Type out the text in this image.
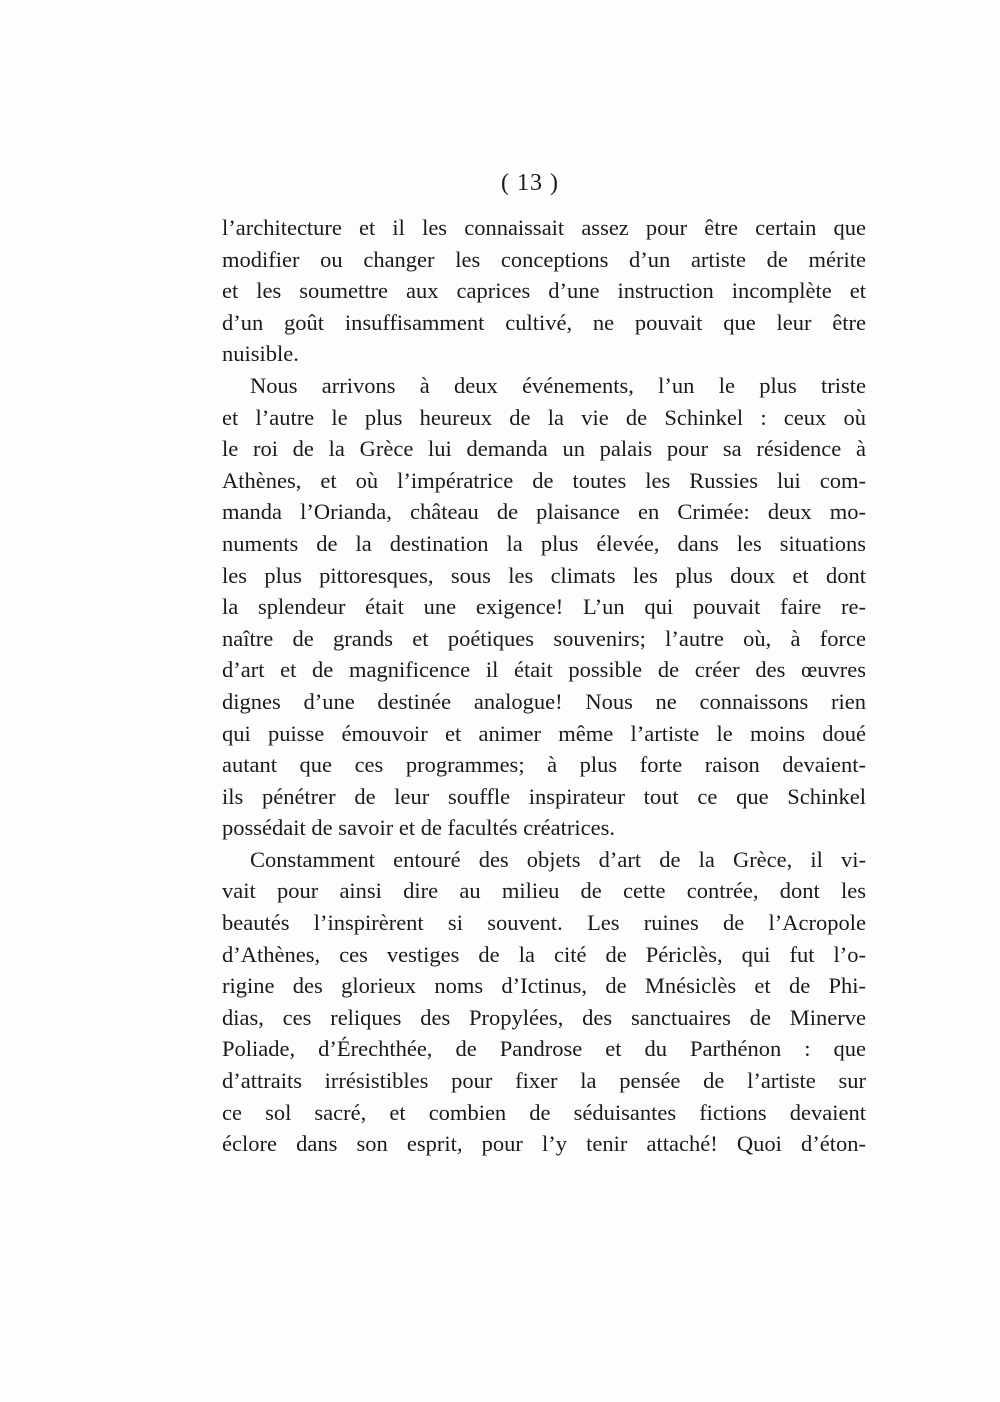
( 13 )
l’architecture et il les connaissait assez pour être certain que
modifier ou changer les conceptions d’un artiste de mérite
et les soumettre aux caprices d’une instruction incomplète et
d’un goût insuffisamment cultivé, ne pouvait que leur être
nuisible.
Nous arrivons à deux événements, l’un le plus triste
et l’autre le plus heureux de la vie de Schinkel : ceux où
le roi de la Grèce lui demanda un palais pour sa résidence à
Athènes, et où l’impératrice de toutes les Russies lui com-
manda l’Orianda, château de plaisance en Crimée: deux mo-
numents de la destination la plus élevée, dans les situations
les plus pittoresques, sous les climats les plus doux et dont
la splendeur était une exigence! L’un qui pouvait faire re-
naître de grands et poétiques souvenirs; l’autre où, à force
d’art et de magnificence il était possible de créer des œuvres
dignes d’une destinée analogue! Nous ne connaissons rien
qui puisse émouvoir et animer même l’artiste le moins doué
autant que ces programmes; à plus forte raison devaient-
ils pénétrer de leur souffle inspirateur tout ce que Schinkel
possédait de savoir et de facultés créatrices.
Constamment entouré des objets d’art de la Grèce, il vi-
vait pour ainsi dire au milieu de cette contrée, dont les
beautés l’inspirèrent si souvent. Les ruines de l’Acropole
d’Athènes, ces vestiges de la cité de Périclès, qui fut l’o-
rigine des glorieux noms d’Ictinus, de Mnésiclès et de Phi-
dias, ces reliques des Propylées, des sanctuaires de Minerve
Poliade, d’Érechthée, de Pandrose et du Parthénon : que
d’attraits irrésistibles pour fixer la pensée de l’artiste sur
ce sol sacré, et combien de séduisantes fictions devaient
éclore dans son esprit, pour l’y tenir attaché! Quoi d’éton-
